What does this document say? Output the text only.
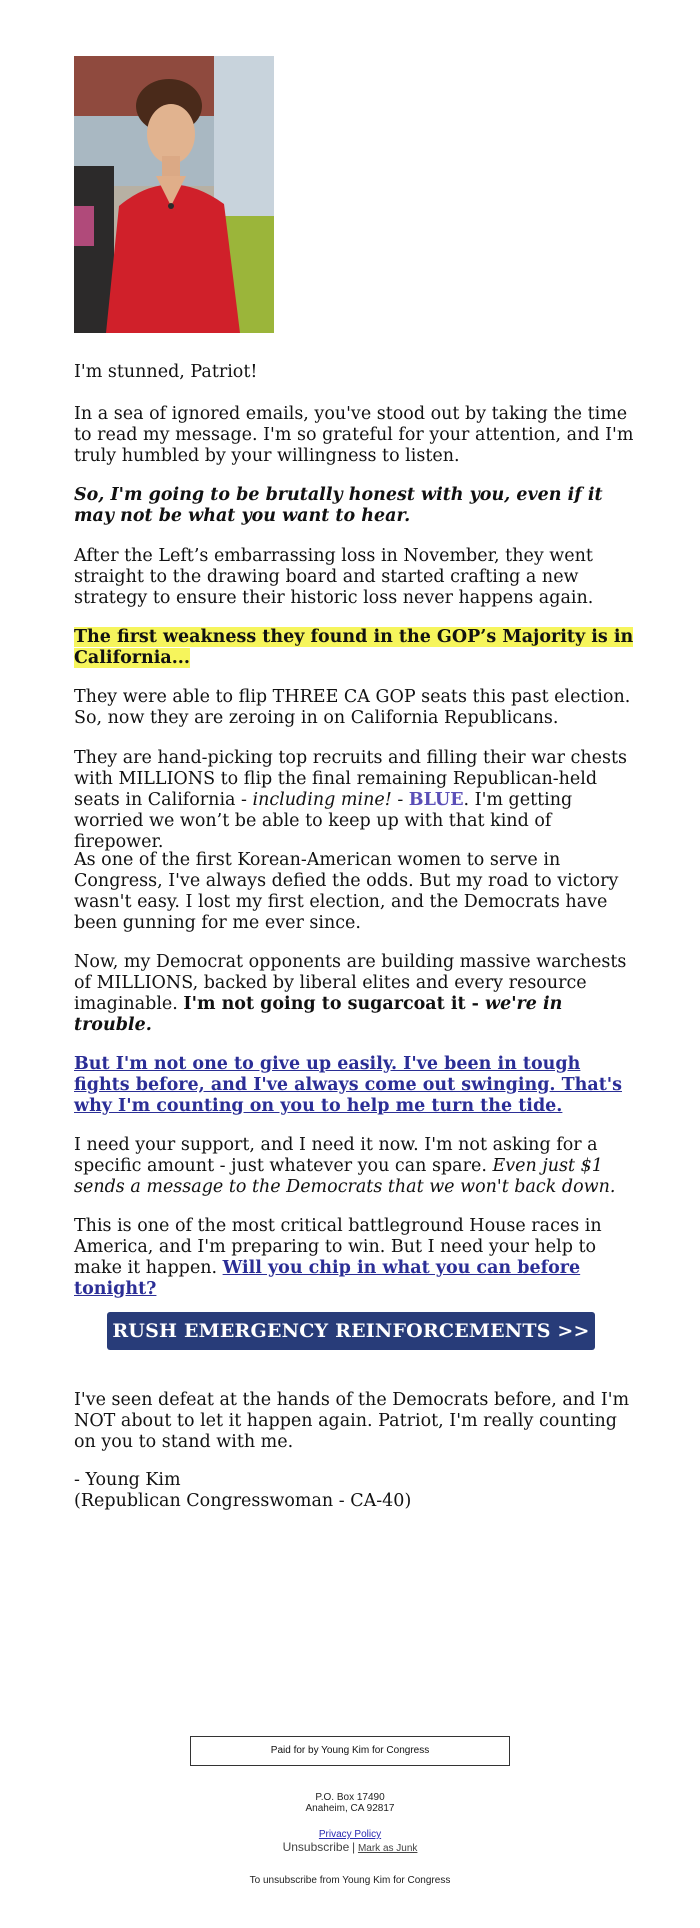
I'm stunned, Patriot!

In a sea of ignored emails, you've stood out by taking the time to read my message. I'm so grateful for your attention, and I'm truly humbled by your willingness to listen.

So, I'm going to be brutally honest with you, even if it may not be what you want to hear.

After the Left’s embarrassing loss in November, they went straight to the drawing board and started crafting a new strategy to ensure their historic loss never happens again.

The first weakness they found in the GOP’s Majority is in California...

They were able to flip THREE CA GOP seats this past election. So, now they are zeroing in on California Republicans.

They are hand-picking top recruits and filling their war chests with MILLIONS to flip the final remaining Republican-held seats in California - including mine! - BLUE. I'm getting worried we won’t be able to keep up with that kind of firepower.

As one of the first Korean-American women to serve in Congress, I've always defied the odds. But my road to victory wasn't easy. I lost my first election, and the Democrats have been gunning for me ever since.

Now, my Democrat opponents are building massive warchests of MILLIONS, backed by liberal elites and every resource imaginable. I'm not going to sugarcoat it - we're in trouble.

But I'm not one to give up easily. I've been in tough fights before, and I've always come out swinging. That's why I'm counting on you to help me turn the tide.

I need your support, and I need it now. I'm not asking for a specific amount - just whatever you can spare. Even just $1 sends a message to the Democrats that we won't back down.

This is one of the most critical battleground House races in America, and I'm preparing to win. But I need your help to make it happen. Will you chip in what you can before tonight?

RUSH EMERGENCY REINFORCEMENTS >>

I've seen defeat at the hands of the Democrats before, and I'm NOT about to let it happen again. Patriot, I'm really counting on you to stand with me.

- Young Kim

(Republican Congresswoman - CA-40)

Paid for by Young Kim for Congress
P.O. Box 17490
Anaheim, CA 92817
Privacy Policy
Unsubscribe | Mark as Junk
To unsubscribe from Young Kim for Congress
